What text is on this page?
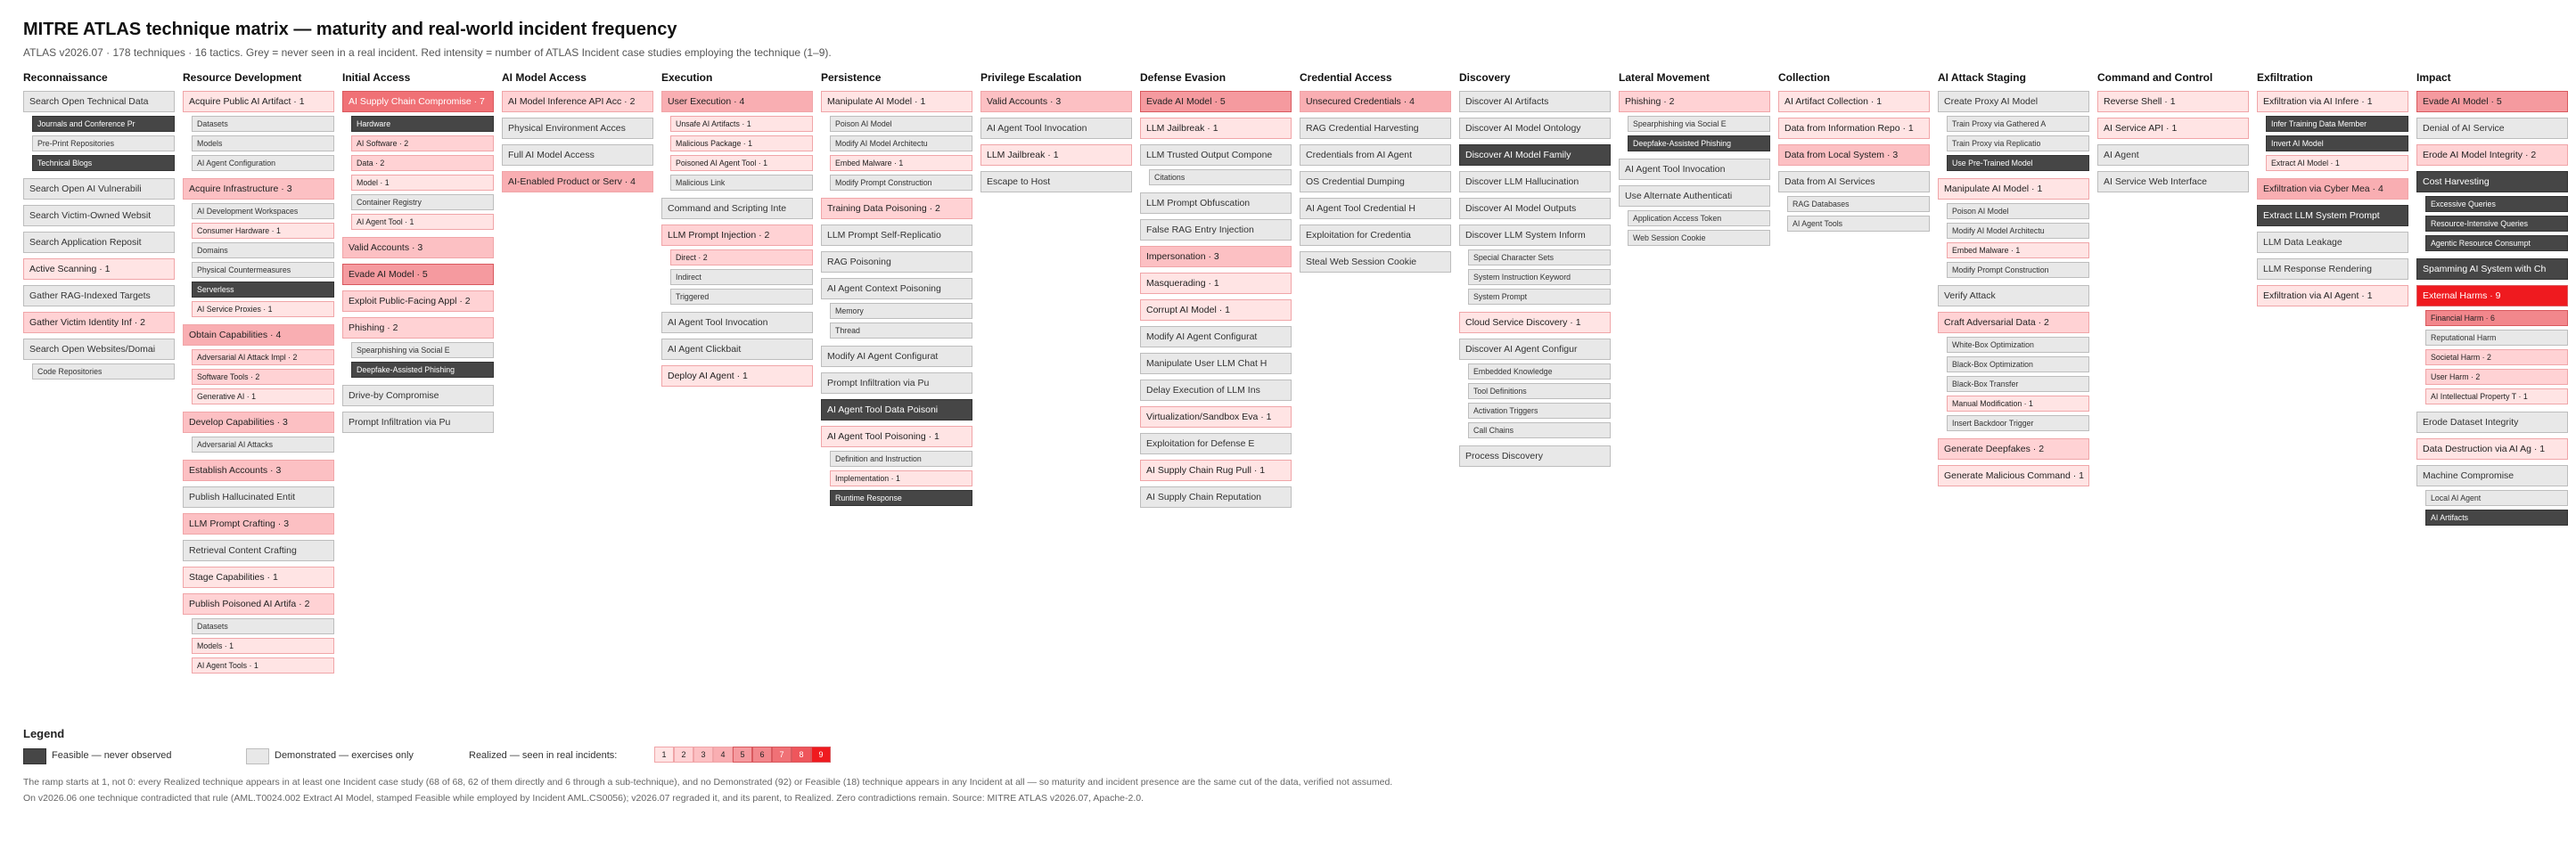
MITRE ATLAS technique matrix — maturity and real-world incident frequency
ATLAS v2026.07 · 178 techniques · 16 tactics. Grey = never seen in a real incident. Red intensity = number of ATLAS Incident case studies employing the technique (1–9).
Reconnaissance
Search Open Technical Data
Journals and Conference Pr
Pre-Print Repositories
Technical Blogs
Search Open AI Vulnerabili
Search Victim-Owned Websit
Search Application Reposit
Active Scanning · 1
Gather RAG-Indexed Targets
Gather Victim Identity Inf · 2
Search Open Websites/Domai
Code Repositories
Resource Development
Acquire Public AI Artifact · 1
Datasets
Models
AI Agent Configuration
Acquire Infrastructure · 3
AI Development Workspaces
Consumer Hardware · 1
Domains
Physical Countermeasures
Serverless
AI Service Proxies · 1
Obtain Capabilities · 4
Adversarial AI Attack Impl · 2
Software Tools · 2
Generative AI · 1
Develop Capabilities · 3
Adversarial AI Attacks
Establish Accounts · 3
Publish Hallucinated Entit
LLM Prompt Crafting · 3
Retrieval Content Crafting
Stage Capabilities · 1
Publish Poisoned AI Artifa · 2
Datasets
Models · 1
AI Agent Tools · 1
Initial Access
AI Supply Chain Compromise · 7
Hardware
AI Software · 2
Data · 2
Model · 1
Container Registry
AI Agent Tool · 1
Valid Accounts · 3
Evade AI Model · 5
Exploit Public-Facing Appl · 2
Phishing · 2
Spearphishing via Social E
Deepfake-Assisted Phishing
Drive-by Compromise
Prompt Infiltration via Pu
AI Model Access
AI Model Inference API Acc · 2
Physical Environment Acces
Full AI Model Access
AI-Enabled Product or Serv · 4
Execution
User Execution · 4
Unsafe AI Artifacts · 1
Malicious Package · 1
Poisoned AI Agent Tool · 1
Malicious Link
Command and Scripting Inte
LLM Prompt Injection · 2
Direct · 2
Indirect
Triggered
AI Agent Tool Invocation
AI Agent Clickbait
Deploy AI Agent · 1
Persistence
Manipulate AI Model · 1
Poison AI Model
Modify AI Model Architectu
Embed Malware · 1
Modify Prompt Construction
Training Data Poisoning · 2
LLM Prompt Self-Replicatio
RAG Poisoning
AI Agent Context Poisoning
Memory
Thread
Modify AI Agent Configurat
Prompt Infiltration via Pu
AI Agent Tool Data Poisoni
AI Agent Tool Poisoning · 1
Definition and Instruction
Implementation · 1
Runtime Response
Privilege Escalation
Valid Accounts · 3
AI Agent Tool Invocation
LLM Jailbreak · 1
Escape to Host
Defense Evasion
Evade AI Model · 5
LLM Jailbreak · 1
LLM Trusted Output Compone
Citations
LLM Prompt Obfuscation
False RAG Entry Injection
Impersonation · 3
Masquerading · 1
Corrupt AI Model · 1
Modify AI Agent Configurat
Manipulate User LLM Chat H
Delay Execution of LLM Ins
Virtualization/Sandbox Eva · 1
Exploitation for Defense E
AI Supply Chain Rug Pull · 1
AI Supply Chain Reputation
Credential Access
Unsecured Credentials · 4
RAG Credential Harvesting
Credentials from AI Agent
OS Credential Dumping
AI Agent Tool Credential H
Exploitation for Credentia
Steal Web Session Cookie
Discovery
Discover AI Artifacts
Discover AI Model Ontology
Discover AI Model Family
Discover LLM Hallucination
Discover AI Model Outputs
Discover LLM System Inform
Special Character Sets
System Instruction Keyword
System Prompt
Cloud Service Discovery · 1
Discover AI Agent Configur
Embedded Knowledge
Tool Definitions
Activation Triggers
Call Chains
Process Discovery
Lateral Movement
Phishing · 2
Spearphishing via Social E
Deepfake-Assisted Phishing
AI Agent Tool Invocation
Use Alternate Authenticati
Application Access Token
Web Session Cookie
Collection
AI Artifact Collection · 1
Data from Information Repo · 1
Data from Local System · 3
Data from AI Services
RAG Databases
AI Agent Tools
AI Attack Staging
Create Proxy AI Model
Train Proxy via Gathered A
Train Proxy via Replicatio
Use Pre-Trained Model
Manipulate AI Model · 1
Poison AI Model
Modify AI Model Architectu
Embed Malware · 1
Modify Prompt Construction
Verify Attack
Craft Adversarial Data · 2
White-Box Optimization
Black-Box Optimization
Black-Box Transfer
Manual Modification · 1
Insert Backdoor Trigger
Generate Deepfakes · 2
Generate Malicious Command · 1
Command and Control
Reverse Shell · 1
AI Service API · 1
AI Agent
AI Service Web Interface
Exfiltration
Exfiltration via AI Infere · 1
Infer Training Data Member
Invert AI Model
Extract AI Model · 1
Exfiltration via Cyber Mea · 4
Extract LLM System Prompt
LLM Data Leakage
LLM Response Rendering
Exfiltration via AI Agent · 1
Impact
Evade AI Model · 5
Denial of AI Service
Erode AI Model Integrity · 2
Cost Harvesting
Excessive Queries
Resource-Intensive Queries
Agentic Resource Consumpt
Spamming AI System with Ch
External Harms · 9
Financial Harm · 6
Reputational Harm
Societal Harm · 2
User Harm · 2
AI Intellectual Property T · 1
Erode Dataset Integrity
Data Destruction via AI Ag · 1
Machine Compromise
Local AI Agent
AI Artifacts
Legend
Feasible — never observed	Demonstrated — exercises only	Realized — seen in real incidents:	1	2	3	4	5	6	7	8	9
The ramp starts at 1, not 0: every Realized technique appears in at least one Incident case study (68 of 68, 62 of them directly and 6 through a sub-technique), and no Demonstrated (92) or Feasible (18) technique appears in any Incident at all — so maturity and incident presence are the same cut of the data, verified not assumed.
On v2026.06 one technique contradicted that rule (AML.T0024.002 Extract AI Model, stamped Feasible while employed by Incident AML.CS0056); v2026.07 regraded it, and its parent, to Realized. Zero contradictions remain. Source: MITRE ATLAS v2026.07, Apache-2.0.
